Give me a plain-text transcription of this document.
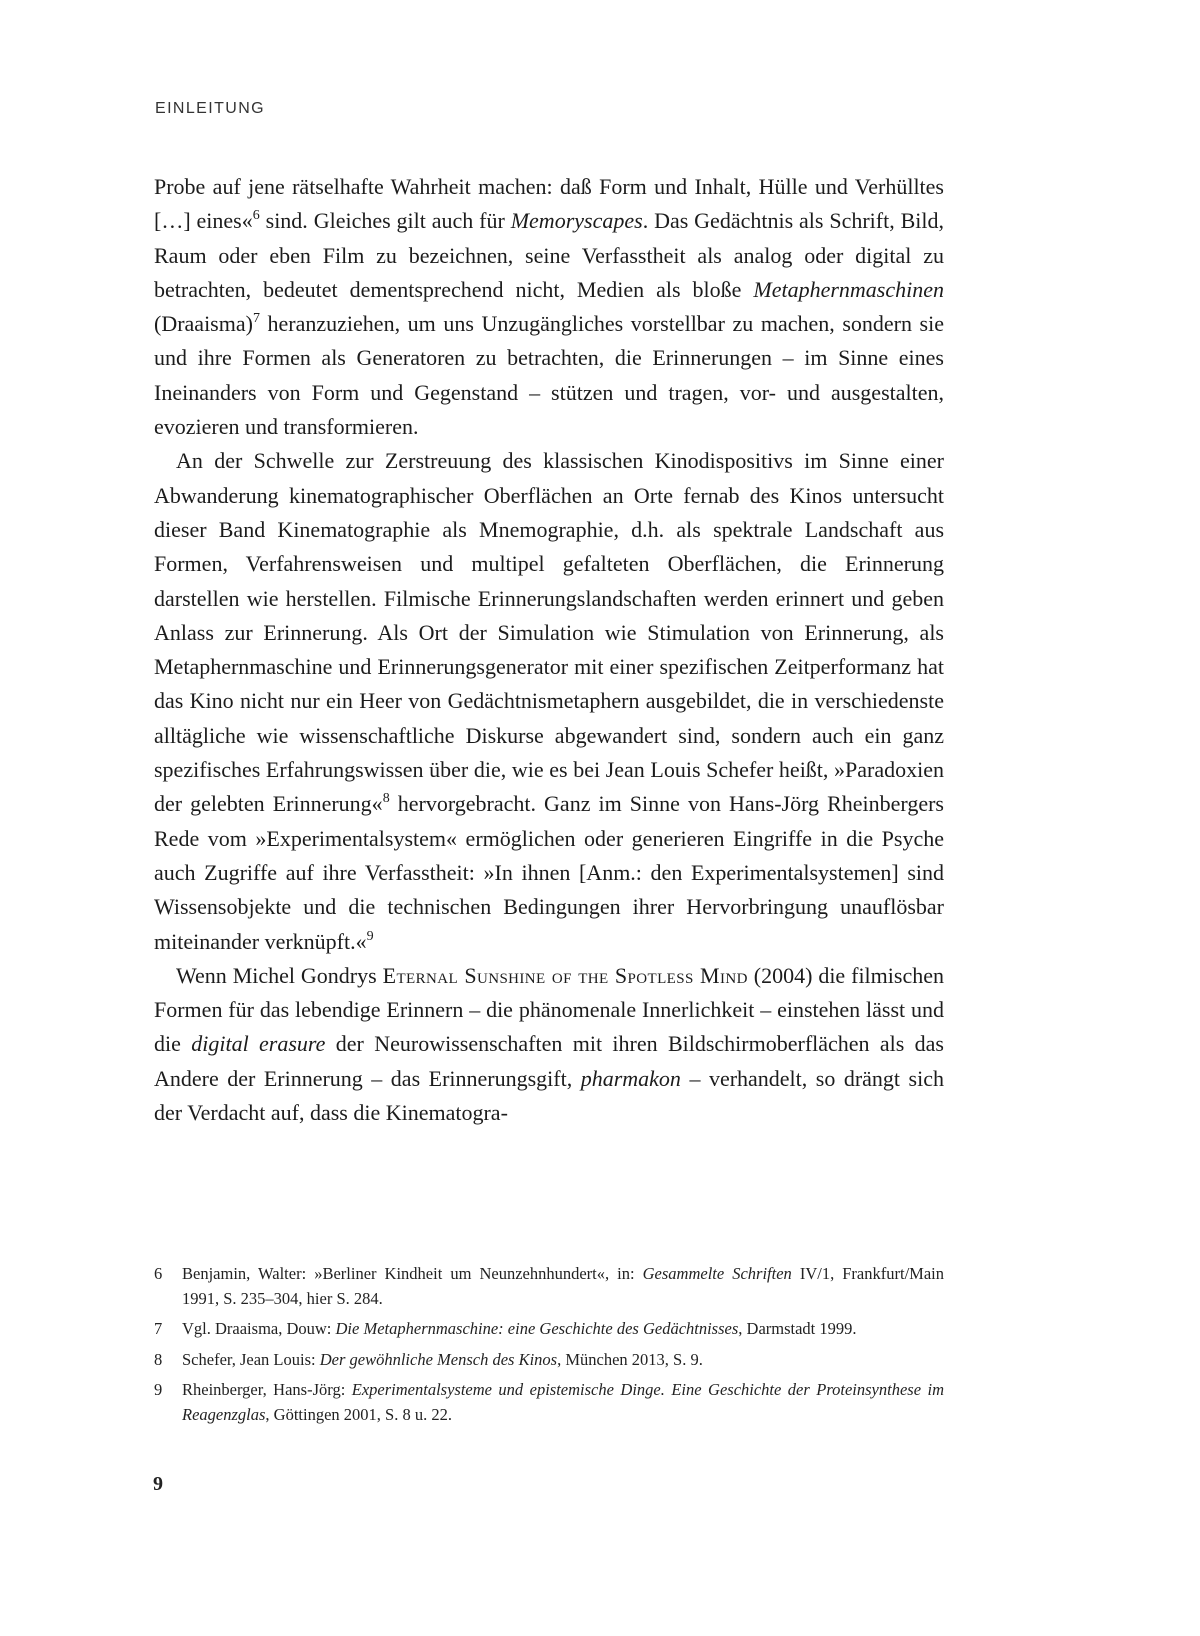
EINLEITUNG

Probe auf jene rätselhafte Wahrheit machen: daß Form und Inhalt, Hülle und Verhülltes […] eines«$^6$ sind. Gleiches gilt auch für Memoryscapes. Das Gedächtnis als Schrift, Bild, Raum oder eben Film zu bezeichnen, seine Verfasstheit als analog oder digital zu betrachten, bedeutet dementsprechend nicht, Medien als bloße Metaphernmaschinen (Draaisma)$^7$ heranzuziehen, um uns Unzugängliches vorstellbar zu machen, sondern sie und ihre Formen als Generatoren zu betrachten, die Erinnerungen – im Sinne eines Ineinanders von Form und Gegenstand – stützen und tragen, vor- und ausgestalten, evozieren und transformieren.

An der Schwelle zur Zerstreuung des klassischen Kinodispositivs im Sinne einer Abwanderung kinematographischer Oberflächen an Orte fernab des Kinos untersucht dieser Band Kinematographie als Mnemographie, d.h. als spektrale Landschaft aus Formen, Verfahrensweisen und multipel gefalteten Oberflächen, die Erinnerung darstellen wie herstellen. Filmische Erinnerungslandschaften werden erinnert und geben Anlass zur Erinnerung. Als Ort der Simulation wie Stimulation von Erinnerung, als Metaphernmaschine und Erinnerungsgenerator mit einer spezifischen Zeitperformanz hat das Kino nicht nur ein Heer von Gedächtnismetaphern ausgebildet, die in verschiedenste alltägliche wie wissenschaftliche Diskurse abgewandert sind, sondern auch ein ganz spezifisches Erfahrungswissen über die, wie es bei Jean Louis Schefer heißt, »Paradoxien der gelebten Erinnerung«$^8$ hervorgebracht. Ganz im Sinne von Hans-Jörg Rheinbergers Rede vom »Experimentalsystem« ermöglichen oder generieren Eingriffe in die Psyche auch Zugriffe auf ihre Verfasstheit: »In ihnen [Anm.: den Experimentalsystemen] sind Wissensobjekte und die technischen Bedingungen ihrer Hervorbringung unauflösbar miteinander verknüpft.«$^9$

Wenn Michel Gondrys Eternal Sunshine of the Spotless Mind (2004) die filmischen Formen für das lebendige Erinnern – die phänomenale Innerlichkeit – einstehen lässt und die digital erasure der Neurowissenschaften mit ihren Bildschirmoberflächen als das Andere der Erinnerung – das Erinnerungsgift, pharmakon – verhandelt, so drängt sich der Verdacht auf, dass die Kinematogra-

6 Benjamin, Walter: »Berliner Kindheit um Neunzehnhundert«, in: Gesammelte Schriften IV/1, Frankfurt/Main 1991, S. 235–304, hier S. 284.
7 Vgl. Draaisma, Douw: Die Metaphernmaschine: eine Geschichte des Gedächtnisses, Darmstadt 1999.
8 Schefer, Jean Louis: Der gewöhnliche Mensch des Kinos, München 2013, S. 9.
9 Rheinberger, Hans-Jörg: Experimentalsysteme und epistemische Dinge. Eine Geschichte der Proteinsynthese im Reagenzglas, Göttingen 2001, S. 8 u. 22.
9
